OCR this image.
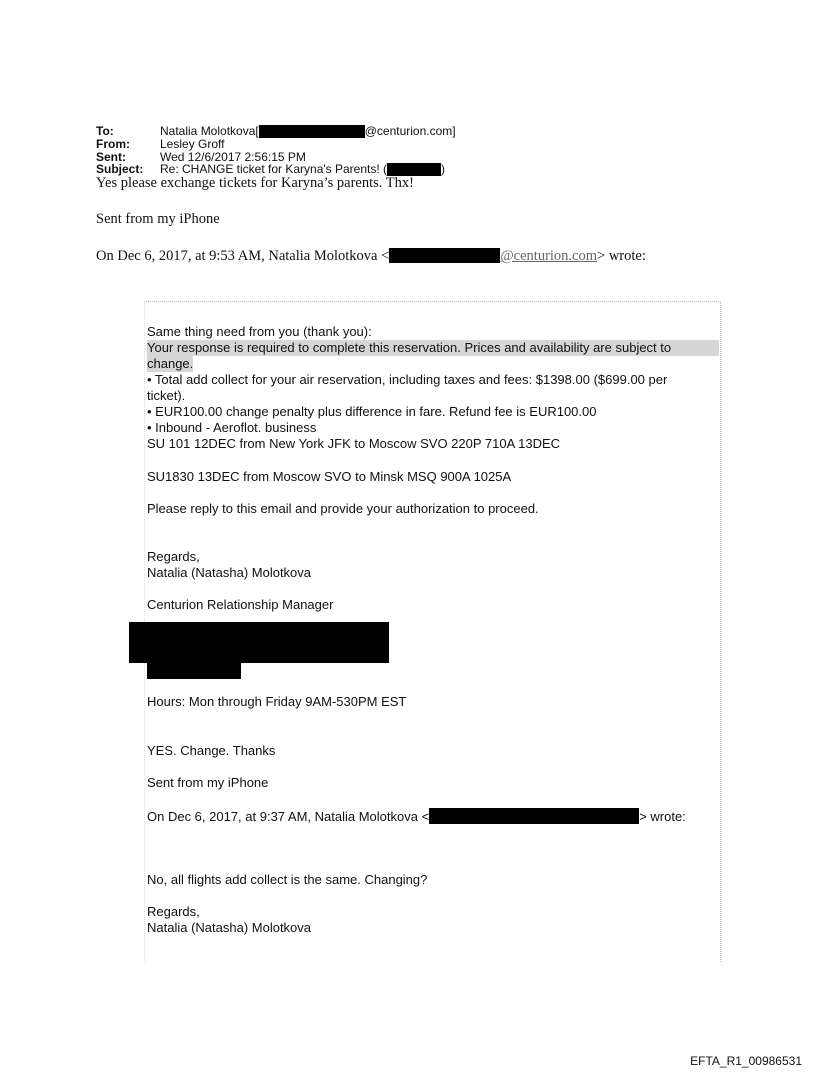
To:	Natalia Molotkova[	@centurion.com]
From:	Lesley Groff
Sent:	Wed 12/6/2017 2:56:15 PM
Subject:	Re: CHANGE ticket for Karyna's Parents! (	)
Yes please exchange tickets for Karyna’s parents. Thx!
Sent from my iPhone
On Dec 6, 2017, at 9:53 AM, Natalia Molotkova <	@centurion.com> wrote:
Same thing need from you (thank you):
Your response is required to complete this reservation. Prices and availability are subject to
change.
• Total add collect for your air reservation, including taxes and fees: $1398.00 ($699.00 per
ticket).
• EUR100.00 change penalty plus difference in fare. Refund fee is EUR100.00
• Inbound - Aeroflot. business
SU 101 12DEC from New York JFK to Moscow SVO 220P 710A 13DEC
SU1830 13DEC from Moscow SVO to Minsk MSQ 900A 1025A
Please reply to this email and provide your authorization to proceed.
Regards,
Natalia (Natasha) Molotkova
Centurion Relationship Manager
Hours: Mon through Friday 9AM-530PM EST
YES. Change. Thanks
Sent from my iPhone
On Dec 6, 2017, at 9:37 AM, Natalia Molotkova <	> wrote:
No, all flights add collect is the same. Changing?
Regards,
Natalia (Natasha) Molotkova
EFTA_R1_00986531
